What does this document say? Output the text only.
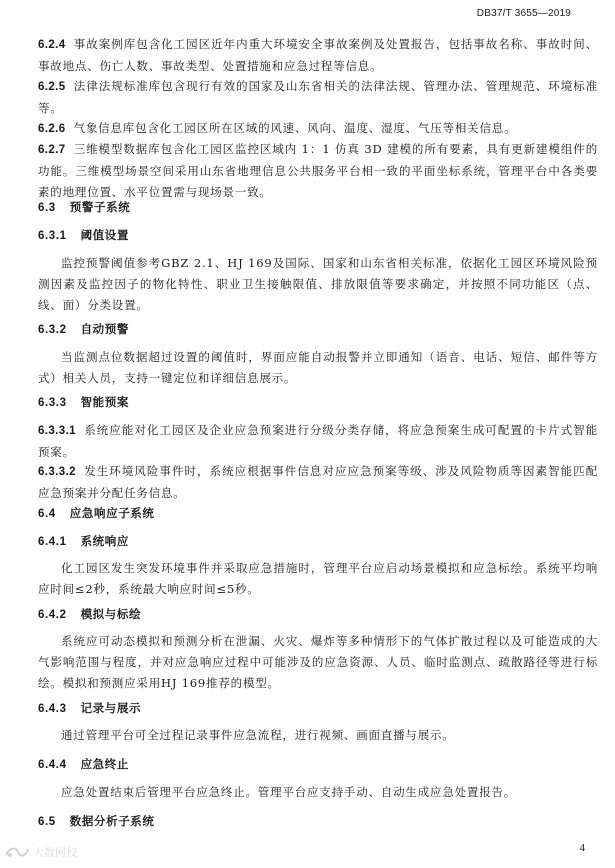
DB37/T 3655—2019
6.2.4 事故案例库包含化工园区近年内重大环境安全事故案例及处置报告，包括事故名称、事故时间、事故地点、伤亡人数、事故类型、处置措施和应急过程等信息。
6.2.5 法律法规标准库包含现行有效的国家及山东省相关的法律法规、管理办法、管理规范、环境标准等。
6.2.6 气象信息库包含化工园区所在区域的风速、风向、温度、湿度、气压等相关信息。
6.2.7 三维模型数据库包含化工园区监控区域内 1：1 仿真 3D 建模的所有要素，具有更新建模组件的功能。三维模型场景空间采用山东省地理信息公共服务平台相一致的平面坐标系统，管理平台中各类要素的地理位置、水平位置需与现场景一致。
6.3 预警子系统
6.3.1 阈值设置
监控预警阈值参考GBZ 2.1、HJ 169及国际、国家和山东省相关标准，依据化工园区环境风险预测因素及监控因子的物化特性、职业卫生接触限值、排放限值等要求确定，并按照不同功能区（点、线、面）分类设置。
6.3.2 自动预警
当监测点位数据超过设置的阈值时，界面应能自动报警并立即通知（语音、电话、短信、邮件等方式）相关人员，支持一键定位和详细信息展示。
6.3.3 智能预案
6.3.3.1 系统应能对化工园区及企业应急预案进行分级分类存储，将应急预案生成可配置的卡片式智能预案。
6.3.3.2 发生环境风险事件时，系统应根据事件信息对应应急预案等级、涉及风险物质等因素智能匹配应急预案并分配任务信息。
6.4 应急响应子系统
6.4.1 系统响应
化工园区发生突发环境事件并采取应急措施时，管理平台应启动场景模拟和应急标绘。系统平均响应时间≤2秒，系统最大响应时间≤5秒。
6.4.2 模拟与标绘
系统应可动态模拟和预测分析在泄漏、火灾、爆炸等多种情形下的气体扩散过程以及可能造成的大气影响范围与程度，并对应急响应过程中可能涉及的应急资源、人员、临时监测点、疏散路径等进行标绘。模拟和预测应采用HJ 169推荐的模型。
6.4.3 记录与展示
通过管理平台可全过程记录事件应急流程，进行视频、画面直播与展示。
6.4.4 应急终止
应急处置结束后管理平台应急终止。管理平台应支持手动、自动生成应急处置报告。
6.5 数据分析子系统
大数网校	4
